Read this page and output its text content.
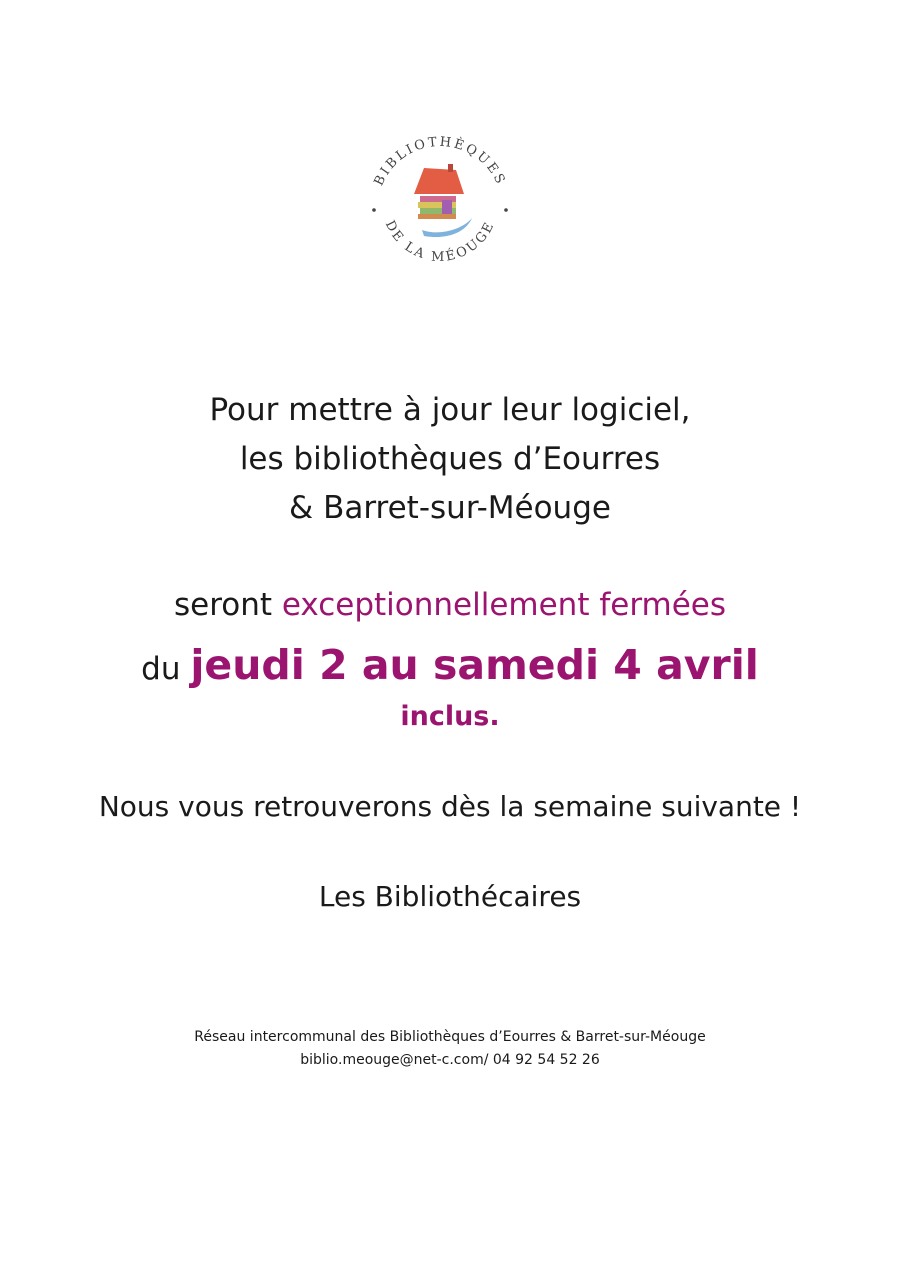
BIBLIOTHÈQUES
DE LA MÉOUGE
Pour mettre à jour leur logiciel,
les bibliothèques d’Eourres
& Barret-sur-Méouge
seront exceptionnellement fermées
du jeudi 2 au samedi 4 avril
inclus.
Nous vous retrouverons dès la semaine suivante !
Les Bibliothécaires
Réseau intercommunal des Bibliothèques d’Eourres & Barret-sur-Méouge
biblio.meouge@net-c.com/ 04 92 54 52 26
